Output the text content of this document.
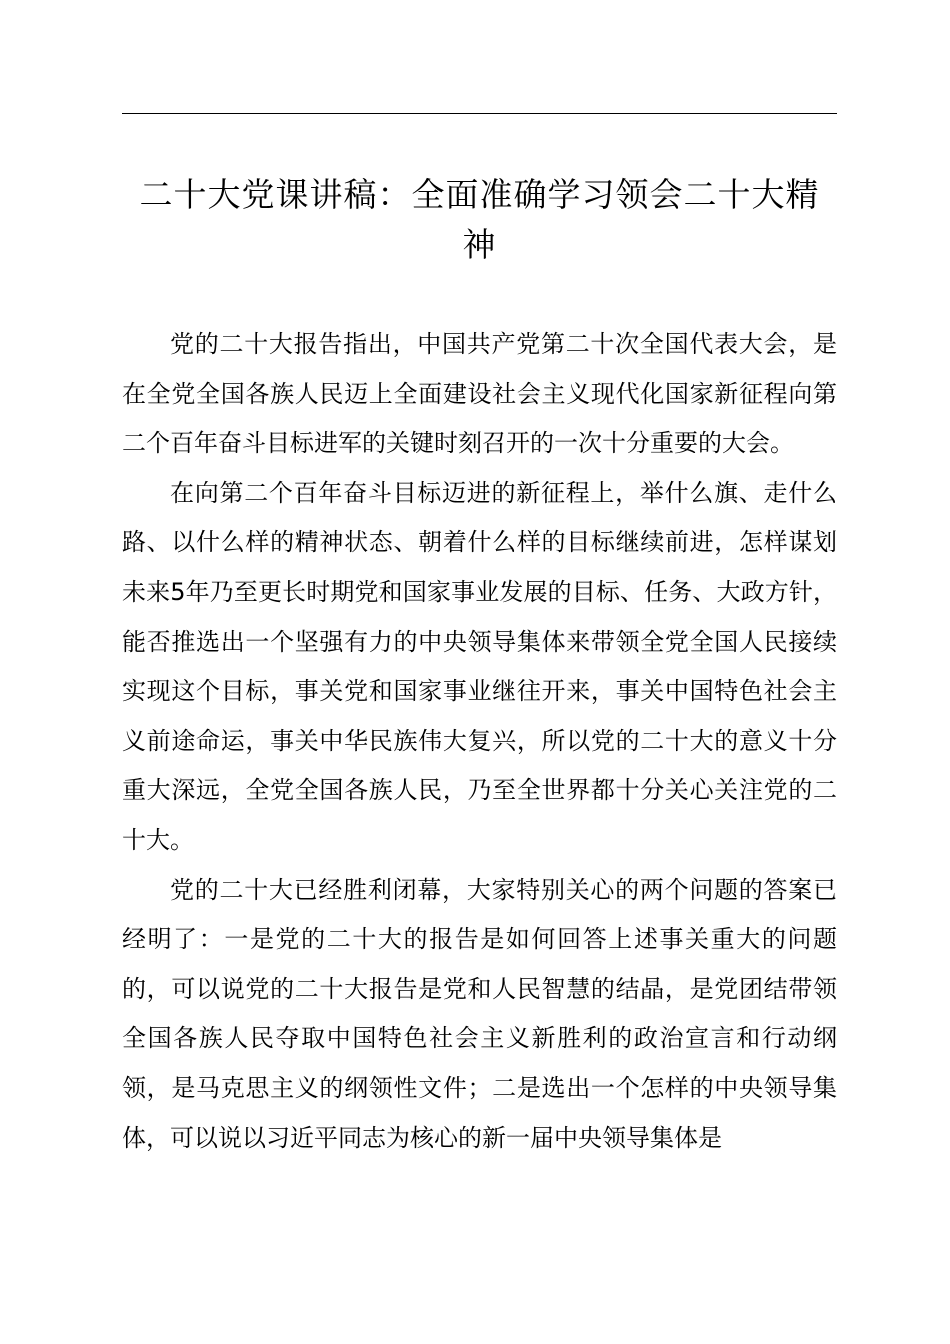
二十大党课讲稿：全面准确学习领会二十大精
神

党的二十大报告指出，中国共产党第二十次全国代表大会，是在全党全国各族人民迈上全面建设社会主义现代化国家新征程向第二个百年奋斗目标进军的关键时刻召开的一次十分重要的大会。

在向第二个百年奋斗目标迈进的新征程上，举什么旗、走什么路、以什么样的精神状态、朝着什么样的目标继续前进，怎样谋划未来5年乃至更长时期党和国家事业发展的目标、任务、大政方针，能否推选出一个坚强有力的中央领导集体来带领全党全国人民接续实现这个目标，事关党和国家事业继往开来，事关中国特色社会主义前途命运，事关中华民族伟大复兴，所以党的二十大的意义十分重大深远，全党全国各族人民，乃至全世界都十分关心关注党的二十大。

党的二十大已经胜利闭幕，大家特别关心的两个问题的答案已经明了：一是党的二十大的报告是如何回答上述事关重大的问题的，可以说党的二十大报告是党和人民智慧的结晶，是党团结带领全国各族人民夺取中国特色社会主义新胜利的政治宣言和行动纲领，是马克思主义的纲领性文件；二是选出一个怎样的中央领导集体，可以说以习近平同志为核心的新一届中央领导集体是
